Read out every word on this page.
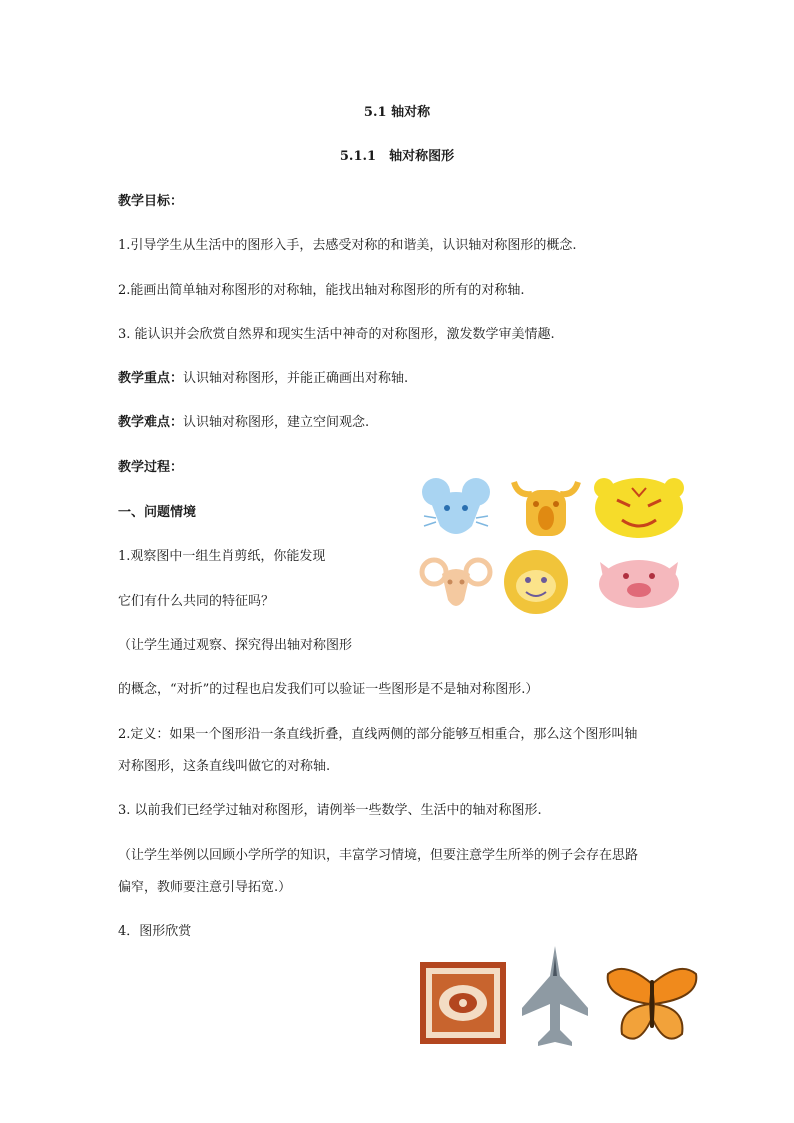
5.1 轴对称
5.1.1　轴对称图形
教学目标：
1.引导学生从生活中的图形入手，去感受对称的和谐美，认识轴对称图形的概念.
2.能画出简单轴对称图形的对称轴，能找出轴对称图形的所有的对称轴.
3. 能认识并会欣赏自然界和现实生活中神奇的对称图形，激发数学审美情趣.
教学重点：认识轴对称图形，并能正确画出对称轴.
教学难点：认识轴对称图形，建立空间观念.
教学过程：
一、问题情境
1.观察图中一组生肖剪纸，你能发现
它们有什么共同的特征吗？
（让学生通过观察、探究得出轴对称图形
的概念，“对折”的过程也启发我们可以验证一些图形是不是轴对称图形.）
2.定义：如果一个图形沿一条直线折叠，直线两侧的部分能够互相重合，那么这个图形叫轴
对称图形，这条直线叫做它的对称轴.
3. 以前我们已经学过轴对称图形，请例举一些数学、生活中的轴对称图形.
（让学生举例以回顾小学所学的知识，丰富学习情境，但要注意学生所举的例子会存在思路
偏窄，教师要注意引导拓宽.）
4．图形欣赏
